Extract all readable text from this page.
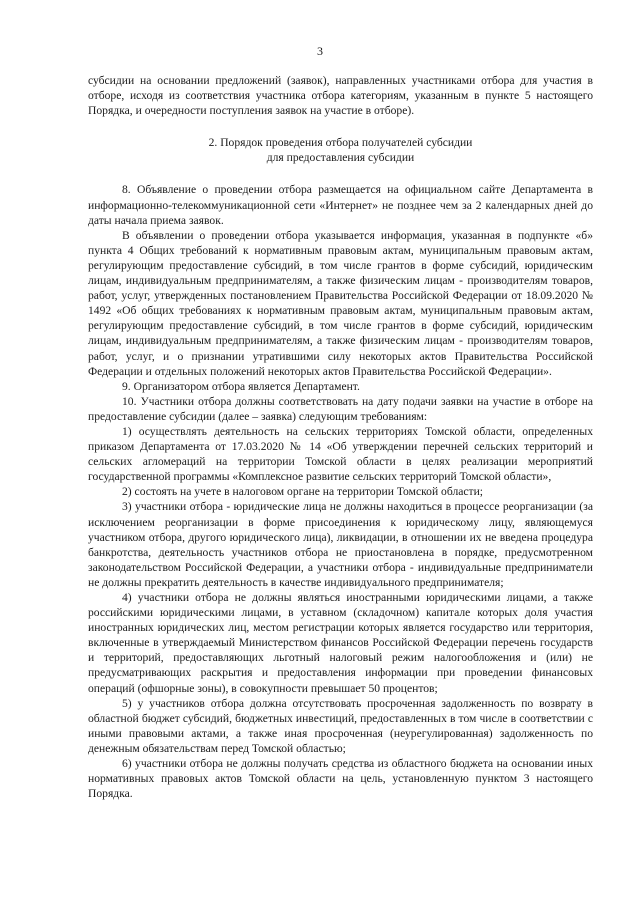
3

субсидии на основании предложений (заявок), направленных участниками отбора для участия в отборе, исходя из соответствия участника отбора категориям, указанным в пункте 5 настоящего Порядка, и очередности поступления заявок на участие в отборе).

2. Порядок проведения отбора получателей субсидии
для предоставления субсидии

8. Объявление о проведении отбора размещается на официальном сайте Департамента в информационно-телекоммуникационной сети «Интернет» не позднее чем за 2 календарных дней до даты начала приема заявок.

В объявлении о проведении отбора указывается информация, указанная в подпункте «б» пункта 4 Общих требований к нормативным правовым актам, муниципальным правовым актам, регулирующим предоставление субсидий, в том числе грантов в форме субсидий, юридическим лицам, индивидуальным предпринимателям, а также физическим лицам - производителям товаров, работ, услуг, утвержденных постановлением Правительства Российской Федерации от 18.09.2020 № 1492 «Об общих требованиях к нормативным правовым актам, муниципальным правовым актам, регулирующим предоставление субсидий, в том числе грантов в форме субсидий, юридическим лицам, индивидуальным предпринимателям, а также физическим лицам - производителям товаров, работ, услуг, и о признании утратившими силу некоторых актов Правительства Российской Федерации и отдельных положений некоторых актов Правительства Российской Федерации».

9. Организатором отбора является Департамент.

10. Участники отбора должны соответствовать на дату подачи заявки на участие в отборе на предоставление субсидии (далее – заявка) следующим требованиям:

1) осуществлять деятельность на сельских территориях Томской области, определенных приказом Департамента от 17.03.2020 № 14 «Об утверждении перечней сельских территорий и сельских агломераций на территории Томской области в целях реализации мероприятий государственной программы «Комплексное развитие сельских территорий Томской области»,

2) состоять на учете в налоговом органе на территории Томской области;

3) участники отбора - юридические лица не должны находиться в процессе реорганизации (за исключением реорганизации в форме присоединения к юридическому лицу, являющемуся участником отбора, другого юридического лица), ликвидации, в отношении их не введена процедура банкротства, деятельность участников отбора не приостановлена в порядке, предусмотренном законодательством Российской Федерации, а участники отбора - индивидуальные предприниматели не должны прекратить деятельность в качестве индивидуального предпринимателя;

4) участники отбора не должны являться иностранными юридическими лицами, а также российскими юридическими лицами, в уставном (складочном) капитале которых доля участия иностранных юридических лиц, местом регистрации которых является государство или территория, включенные в утверждаемый Министерством финансов Российской Федерации перечень государств и территорий, предоставляющих льготный налоговый режим налогообложения и (или) не предусматривающих раскрытия и предоставления информации при проведении финансовых операций (офшорные зоны), в совокупности превышает 50 процентов;

5) у участников отбора должна отсутствовать просроченная задолженность по возврату в областной бюджет субсидий, бюджетных инвестиций, предоставленных в том числе в соответствии с иными правовыми актами, а также иная просроченная (неурегулированная) задолженность по денежным обязательствам перед Томской областью;

6) участники отбора не должны получать средства из областного бюджета на основании иных нормативных правовых актов Томской области на цель, установленную пунктом 3 настоящего Порядка.
